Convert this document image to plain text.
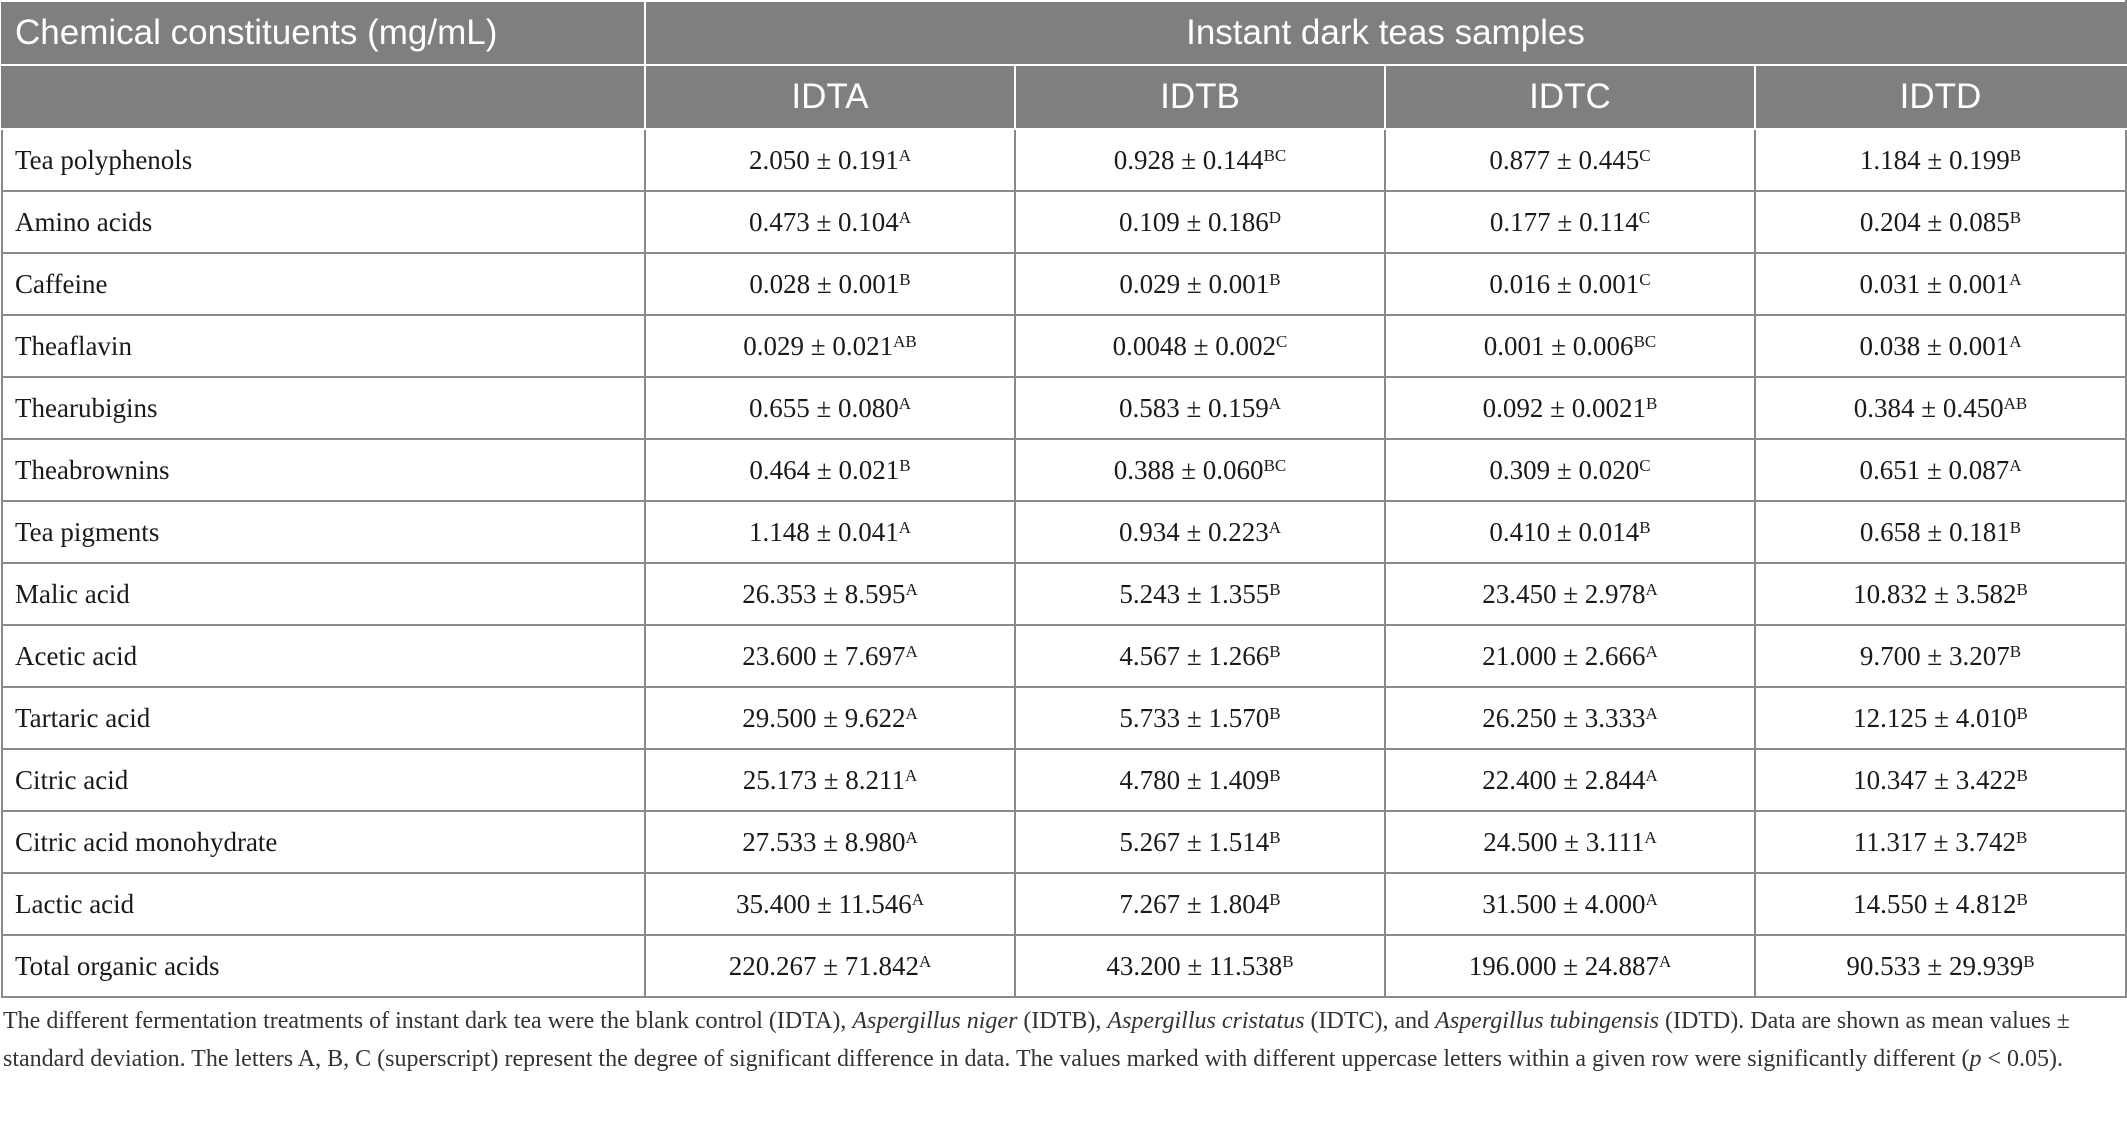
Chemical constituents (mg/mL)	Instant dark teas samples			
	IDTA	IDTB	IDTC	IDTD
Tea polyphenols	$2.050 \pm 0.191^A$	$0.928 \pm 0.144^{BC}$	$0.877 \pm 0.445^C$	$1.184 \pm 0.199^B$
Amino acids	$0.473 \pm 0.104^A$	$0.109 \pm 0.186^D$	$0.177 \pm 0.114^C$	$0.204 \pm 0.085^B$
Caffeine	$0.028 \pm 0.001^B$	$0.029 \pm 0.001^B$	$0.016 \pm 0.001^C$	$0.031 \pm 0.001^A$
Theaflavin	$0.029 \pm 0.021^{AB}$	$0.0048 \pm 0.002^C$	$0.001 \pm 0.006^{BC}$	$0.038 \pm 0.001^A$
Thearubigins	$0.655 \pm 0.080^A$	$0.583 \pm 0.159^A$	$0.092 \pm 0.0021^B$	$0.384 \pm 0.450^{AB}$
Theabrownins	$0.464 \pm 0.021^B$	$0.388 \pm 0.060^{BC}$	$0.309 \pm 0.020^C$	$0.651 \pm 0.087^A$
Tea pigments	$1.148 \pm 0.041^A$	$0.934 \pm 0.223^A$	$0.410 \pm 0.014^B$	$0.658 \pm 0.181^B$
Malic acid	$26.353 \pm 8.595^A$	$5.243 \pm 1.355^B$	$23.450 \pm 2.978^A$	$10.832 \pm 3.582^B$
Acetic acid	$23.600 \pm 7.697^A$	$4.567 \pm 1.266^B$	$21.000 \pm 2.666^A$	$9.700 \pm 3.207^B$
Tartaric acid	$29.500 \pm 9.622^A$	$5.733 \pm 1.570^B$	$26.250 \pm 3.333^A$	$12.125 \pm 4.010^B$
Citric acid	$25.173 \pm 8.211^A$	$4.780 \pm 1.409^B$	$22.400 \pm 2.844^A$	$10.347 \pm 3.422^B$
Citric acid monohydrate	$27.533 \pm 8.980^A$	$5.267 \pm 1.514^B$	$24.500 \pm 3.111^A$	$11.317 \pm 3.742^B$
Lactic acid	$35.400 \pm 11.546^A$	$7.267 \pm 1.804^B$	$31.500 \pm 4.000^A$	$14.550 \pm 4.812^B$
Total organic acids	$220.267 \pm 71.842^A$	$43.200 \pm 11.538^B$	$196.000 \pm 24.887^A$	$90.533 \pm 29.939^B$
The different fermentation treatments of instant dark tea were the blank control (IDTA), Aspergillus niger (IDTB), Aspergillus cristatus (IDTC), and Aspergillus tubingensis (IDTD). Data are shown as mean values ± standard deviation. The letters A, B, C (superscript) represent the degree of significant difference in data. The values marked with different uppercase letters within a given row were significantly different (p < 0.05).
